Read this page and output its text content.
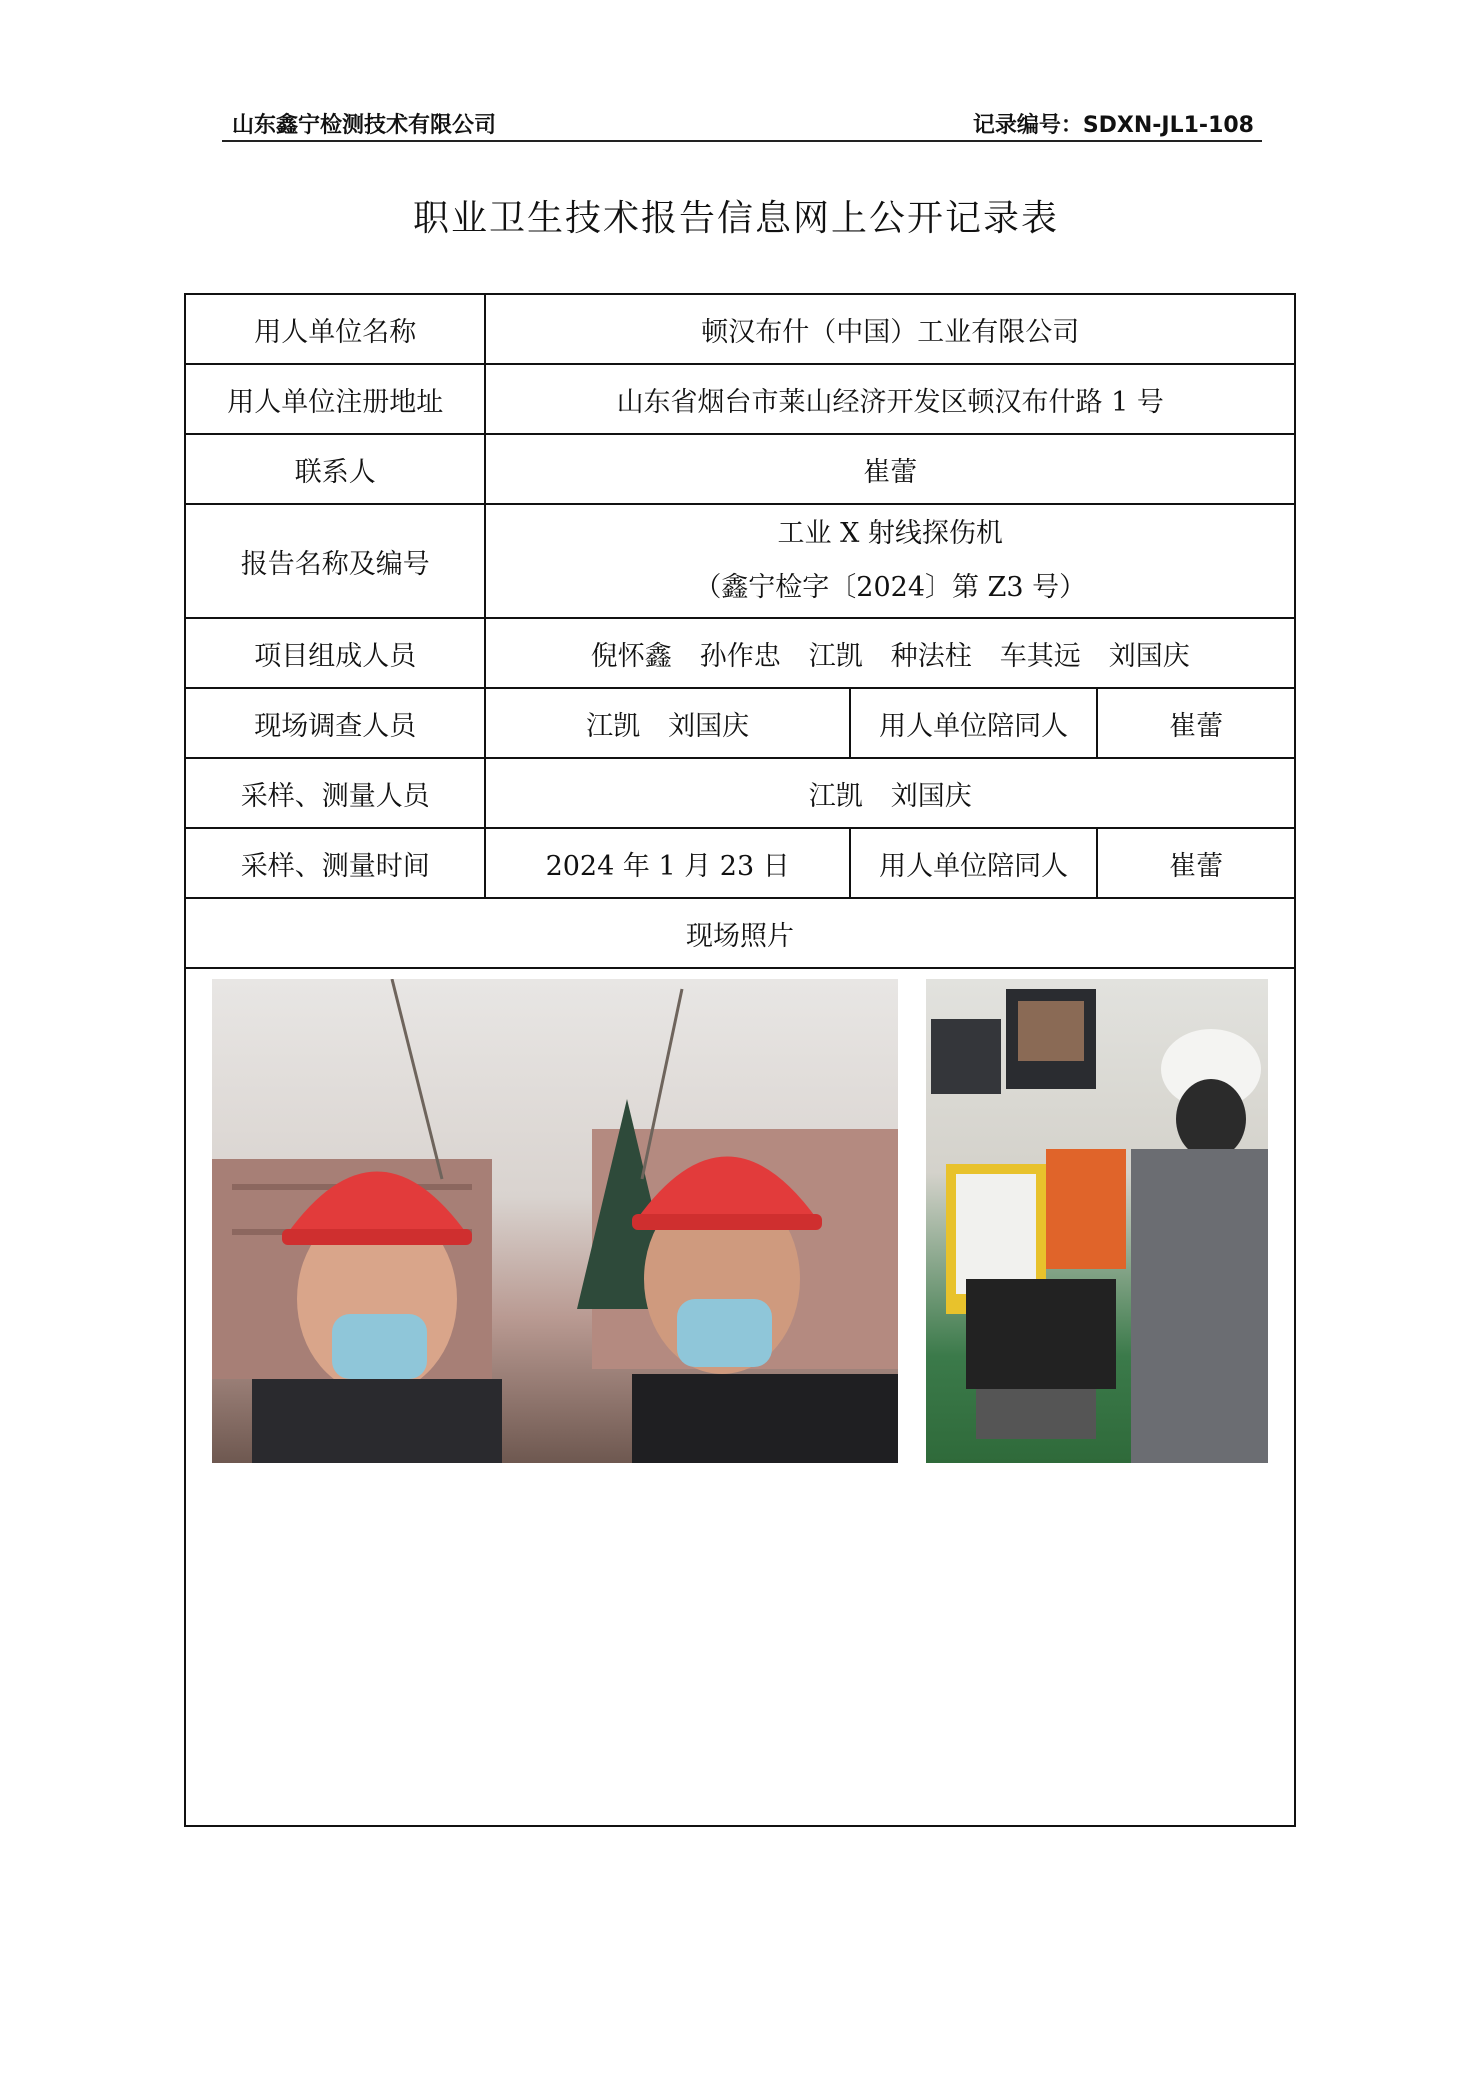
山东鑫宁检测技术有限公司	记录编号：SDXN-JL1-108
职业卫生技术报告信息网上公开记录表
用人单位名称	顿汉布什（中国）工业有限公司		
用人单位注册地址	山东省烟台市莱山经济开发区顿汉布什路 1 号		
联系人	崔蕾		
报告名称及编号	工业 X 射线探伤机
（鑫宁检字〔2024〕第 Z3 号）		

项目组成人员	倪怀鑫 孙作忠 江凯 种法柱 车其远 刘国庆		
现场调查人员	江凯 刘国庆	用人单位陪同人	崔蕾
采样、测量人员	江凯 刘国庆		
采样、测量时间	2024 年 1 月 23 日	用人单位陪同人	崔蕾
现场照片			
